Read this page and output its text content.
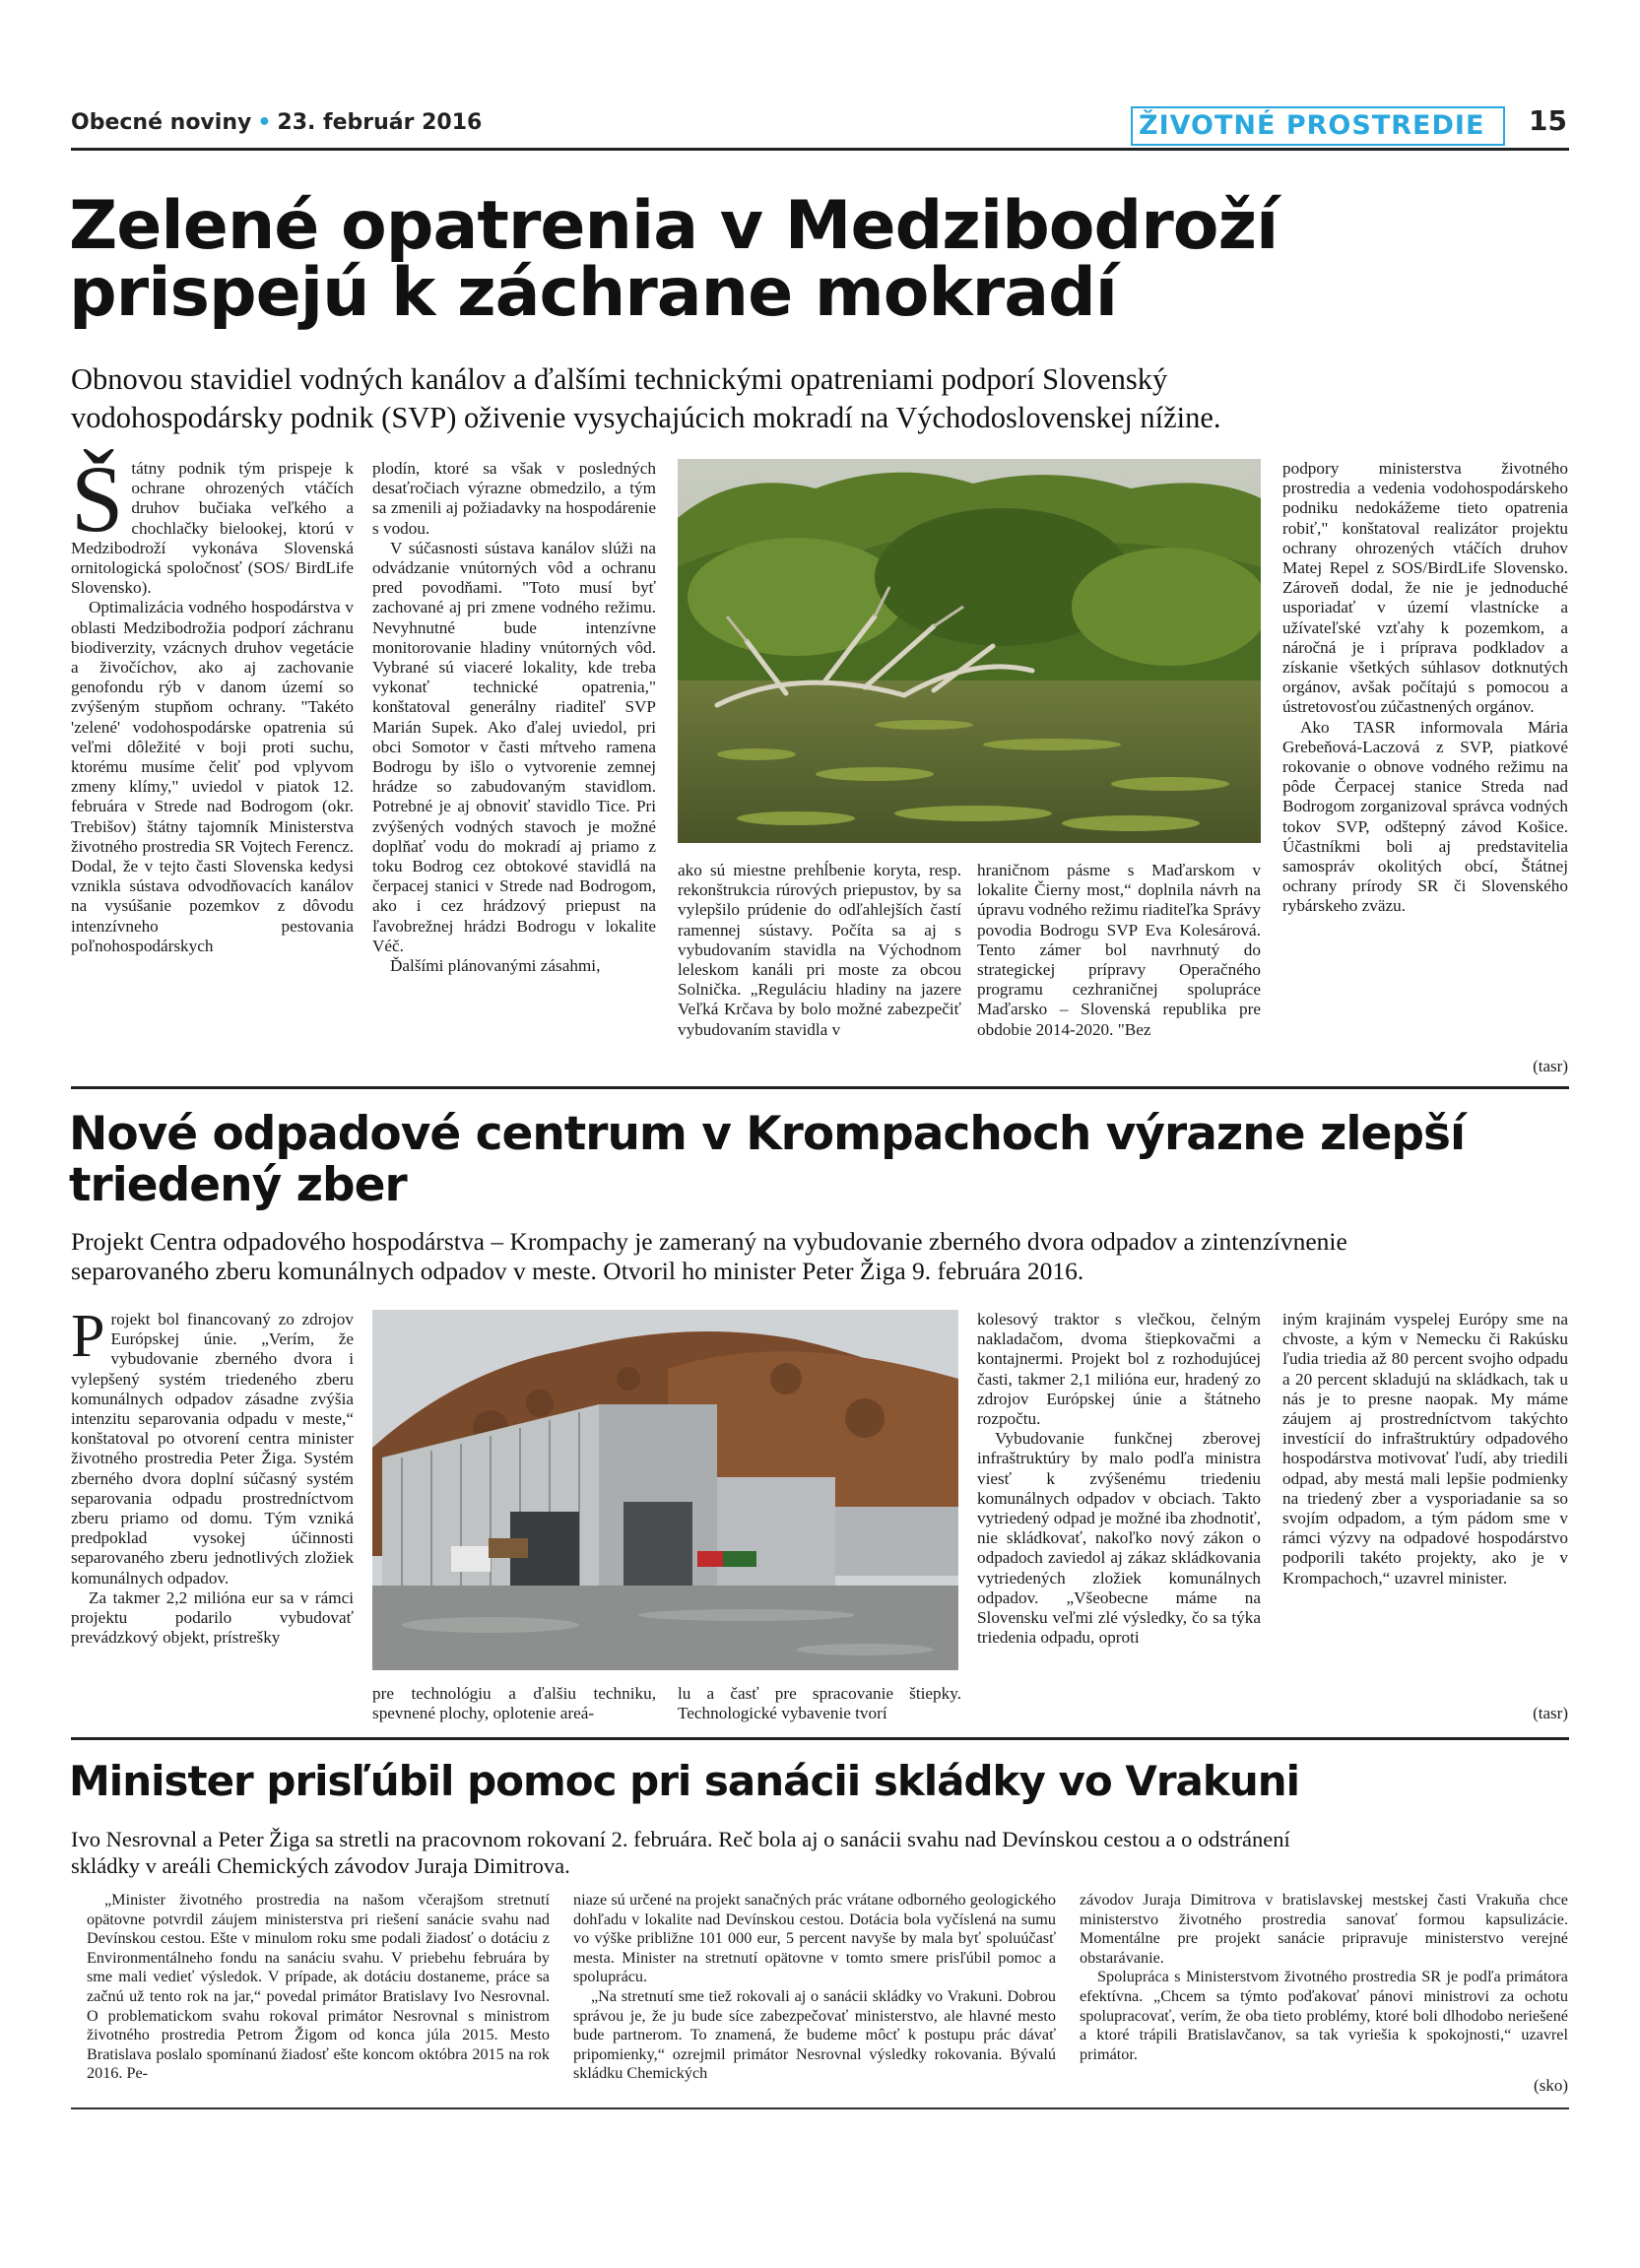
Obecné noviny • 23. február 2016	ŽIVOTNÉ PROSTREDIE	15
Zelené opatrenia v Medzibodroží
prispejú k záchrane mokradí
Obnovou stavidiel vodných kanálov a ďalšími technickými opatreniami podporí Slovenský
vodohospodársky podnik (SVP) oživenie vysychajúcich mokradí na Východoslovenskej nížine.

Štátny podnik tým prispeje k ochrane ohrozených vtáčích druhov bučiaka veľkého a chochlačky bielookej, ktorú v Medzibodroží vykonáva Slovenská ornitologická spoločnosť (SOS/ BirdLife Slovensko).

Optimalizácia vodného hospodárstva v oblasti Medzibodrožia podporí záchranu biodiverzity, vzácnych druhov vegetácie a živočíchov, ako aj zachovanie genofondu rýb v danom území so zvýšeným stupňom ochrany. "Takéto 'zelené' vodohospodárske opatrenia sú veľmi dôležité v boji proti suchu, ktorému musíme čeliť pod vplyvom zmeny klímy," uviedol v piatok 12. februára v Strede nad Bodrogom (okr. Trebišov) štátny tajomník Ministerstva životného prostredia SR Vojtech Ferencz. Dodal, že v tejto časti Slovenska kedysi vznikla sústava odvodňovacích kanálov na vysúšanie pozemkov z dôvodu intenzívneho pestovania poľnohospodárskych

plodín, ktoré sa však v posledných desaťročiach výrazne obmedzilo, a tým sa zmenili aj požiadavky na hospodárenie s vodou.

V súčasnosti sústava kanálov slúži na odvádzanie vnútorných vôd a ochranu pred povodňami. "Toto musí byť zachované aj pri zmene vodného režimu. Nevyhnutné bude intenzívne monitorovanie hladiny vnútorných vôd. Vybrané sú viaceré lokality, kde treba vykonať technické opatrenia," konštatoval generálny riaditeľ SVP Marián Supek. Ako ďalej uviedol, pri obci Somotor v časti mŕtveho ramena Bodrogu by išlo o vytvorenie zemnej hrádze so zabudovaným stavidlom. Potrebné je aj obnoviť stavidlo Tice. Pri zvýšených vodných stavoch je možné doplňať vodu do mokradí aj priamo z toku Bodrog cez obtokové stavidlá na čerpacej stanici v Strede nad Bodrogom, ako i cez hrádzový priepust na ľavobrežnej hrádzi Bodrogu v lokalite Véč.

Ďalšími plánovanými zásahmi,

ako sú miestne prehĺbenie koryta, resp. rekonštrukcia rúrových priepustov, by sa vylepšilo prúdenie do odľahlejších častí ramennej sústavy. Počíta sa aj s vybudovaním stavidla na Východnom leleskom kanáli pri moste za obcou Solnička. „Reguláciu hladiny na jazere Veľká Krčava by bolo možné zabezpečiť vybudovaním stavidla v

hraničnom pásme s Maďarskom v lokalite Čierny most,“ doplnila návrh na úpravu vodného režimu riaditeľka Správy povodia Bodrogu SVP Eva Kolesárová. Tento zámer bol navrhnutý do strategickej prípravy Operačného programu cezhraničnej spolupráce Maďarsko – Slovenská republika pre obdobie 2014-2020. "Bez

podpory ministerstva životného prostredia a vedenia vodohospodárskeho podniku nedokážeme tieto opatrenia robiť," konštatoval realizátor projektu ochrany ohrozených vtáčích druhov Matej Repel z SOS/BirdLife Slovensko. Zároveň dodal, že nie je jednoduché usporiadať v území vlastnícke a užívateľské vzťahy k pozemkom, a náročná je i príprava podkladov a získanie všetkých súhlasov dotknutých orgánov, avšak počítajú s pomocou a ústretovosťou zúčastnených orgánov.

Ako TASR informovala Mária Grebeňová-Laczová z SVP, piatkové rokovanie o obnove vodného režimu na pôde Čerpacej stanice Streda nad Bodrogom zorganizoval správca vodných tokov SVP, odštepný závod Košice. Účastníkmi boli aj predstavitelia samospráv okolitých obcí, Štátnej ochrany prírody SR či Slovenského rybárskeho zväzu.

(tasr)
Nové odpadové centrum v Krompachoch výrazne zlepší
triedený zber
Projekt Centra odpadového hospodárstva – Krompachy je zameraný na vybudovanie zberného dvora odpadov a zintenzívnenie
separovaného zberu komunálnych odpadov v meste. Otvoril ho minister Peter Žiga 9. februára 2016.

Projekt bol financovaný zo zdrojov Európskej únie. „Verím, že vybudovanie zberného dvora i vylepšený systém triedeného zberu komunálnych odpadov zásadne zvýšia intenzitu separovania odpadu v meste,“ konštatoval po otvorení centra minister životného prostredia Peter Žiga. Systém zberného dvora doplní súčasný systém separovania odpadu prostredníctvom zberu priamo od domu. Tým vzniká predpoklad vysokej účinnosti separovaného zberu jednotlivých zložiek komunálnych odpadov.

Za takmer 2,2 milióna eur sa v rámci projektu podarilo vybudovať prevádzkový objekt, prístrešky

pre technológiu a ďalšiu techniku, spevnené plochy, oplotenie areá-

lu a časť pre spracovanie štiepky. Technologické vybavenie tvorí

kolesový traktor s vlečkou, čelným nakladačom, dvoma štiepkovačmi a kontajnermi. Projekt bol z rozhodujúcej časti, takmer 2,1 milióna eur, hradený zo zdrojov Európskej únie a štátneho rozpočtu.

Vybudovanie funkčnej zberovej infraštruktúry by malo podľa ministra viesť k zvýšenému triedeniu komunálnych odpadov v obciach. Takto vytriedený odpad je možné iba zhodnotiť, nie skládkovať, nakoľko nový zákon o odpadoch zaviedol aj zákaz skládkovania vytriedených zložiek komunálnych odpadov. „Všeobecne máme na Slovensku veľmi zlé výsledky, čo sa týka triedenia odpadu, oproti

iným krajinám vyspelej Európy sme na chvoste, a kým v Nemecku či Rakúsku ľudia triedia až 80 percent svojho odpadu a 20 percent skladujú na skládkach, tak u nás je to presne naopak. My máme záujem aj prostredníctvom takýchto investícií do infraštruktúry odpadového hospodárstva motivovať ľudí, aby triedili odpad, aby mestá mali lepšie podmienky na triedený zber a vysporiadanie sa so svojím odpadom, a tým pádom sme v rámci výzvy na odpadové hospodárstvo podporili takéto projekty, ako je v Krompachoch,“ uzavrel minister.

(tasr)
Minister prisľúbil pomoc pri sanácii skládky vo Vrakuni
Ivo Nesrovnal a Peter Žiga sa stretli na pracovnom rokovaní 2. februára. Reč bola aj o sanácii svahu nad Devínskou cestou a o odstránení
skládky v areáli Chemických závodov Juraja Dimitrova.

„Minister životného prostredia na našom včerajšom stretnutí opätovne potvrdil záujem ministerstva pri riešení sanácie svahu nad Devínskou cestou. Ešte v minulom roku sme podali žiadosť o dotáciu z Environmentálneho fondu na sanáciu svahu. V priebehu februára by sme mali vedieť výsledok. V prípade, ak dotáciu dostaneme, práce sa začnú už tento rok na jar,“ povedal primátor Bratislavy Ivo Nesrovnal. O problematickom svahu rokoval primátor Nesrovnal s ministrom životného prostredia Petrom Žigom od konca júla 2015. Mesto Bratislava poslalo spomínanú žiadosť ešte koncom októbra 2015 na rok 2016. Pe-

niaze sú určené na projekt sanačných prác vrátane odborného geologického dohľadu v lokalite nad Devínskou cestou. Dotácia bola vyčíslená na sumu vo výške približne 101 000 eur, 5 percent navyše by mala byť spoluúčasť mesta. Minister na stretnutí opätovne v tomto smere prisľúbil pomoc a spoluprácu.

„Na stretnutí sme tiež rokovali aj o sanácii skládky vo Vrakuni. Dobrou správou je, že ju bude síce zabezpečovať ministerstvo, ale hlavné mesto bude partnerom. To znamená, že budeme môcť k postupu prác dávať pripomienky,“ ozrejmil primátor Nesrovnal výsledky rokovania. Bývalú skládku Chemických

závodov Juraja Dimitrova v bratislavskej mestskej časti Vrakuňa chce ministerstvo životného prostredia sanovať formou kapsulizácie. Momentálne pre projekt sanácie pripravuje ministerstvo verejné obstarávanie.

Spolupráca s Ministerstvom životného prostredia SR je podľa primátora efektívna. „Chcem sa týmto poďakovať pánovi ministrovi za ochotu spolupracovať, verím, že oba tieto problémy, ktoré boli dlhodobo neriešené a ktoré trápili Bratislavčanov, sa tak vyriešia k spokojnosti,“ uzavrel primátor.

(sko)
